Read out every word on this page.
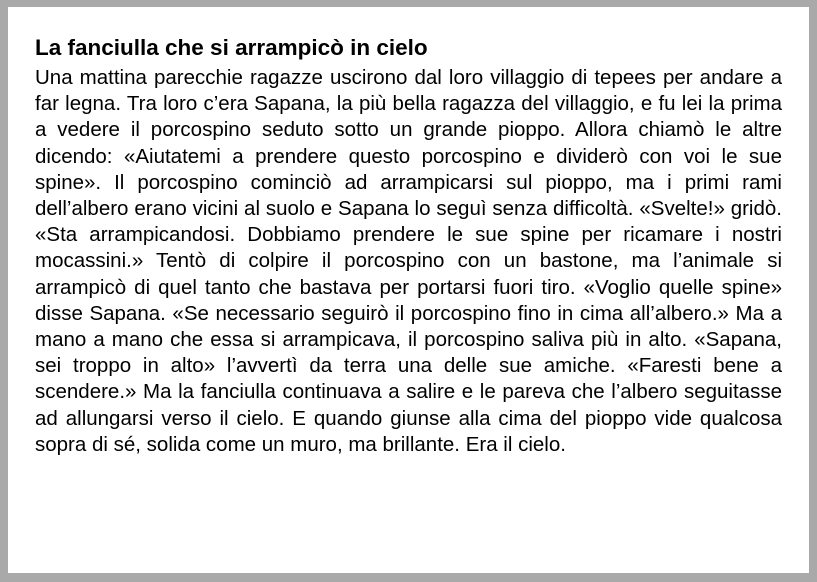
La fanciulla che si arrampicò in cielo

Una mattina parecchie ragazze uscirono dal loro villaggio di tepees per andare a far legna. Tra loro c’era Sapana, la più bella ragazza del villaggio, e fu lei la prima a vedere il porcospino seduto sotto un grande pioppo. Allora chiamò le altre dicendo: «Aiutatemi a prendere questo porcospino e dividerò con voi le sue spine». Il porcospino cominciò ad arrampicarsi sul pioppo, ma i primi rami dell’albero erano vicini al suolo e Sapana lo seguì senza difficoltà. «Svelte!» gridò. «Sta arrampicandosi. Dobbiamo prendere le sue spine per ricamare i nostri mocassini.» Tentò di colpire il porcospino con un bastone, ma l’animale si arrampicò di quel tanto che bastava per portarsi fuori tiro. «Voglio quelle spine» disse Sapana. «Se necessario seguirò il porcospino fino in cima all’albero.» Ma a mano a mano che essa si arrampicava, il porcospino saliva più in alto. «Sapana, sei troppo in alto» l’avvertì da terra una delle sue amiche. «Faresti bene a scendere.» Ma la fanciulla continuava a salire e le pareva che l’albero seguitasse ad allungarsi verso il cielo. E quando giunse alla cima del pioppo vide qualcosa sopra di sé, solida come un muro, ma brillante. Era il cielo.
